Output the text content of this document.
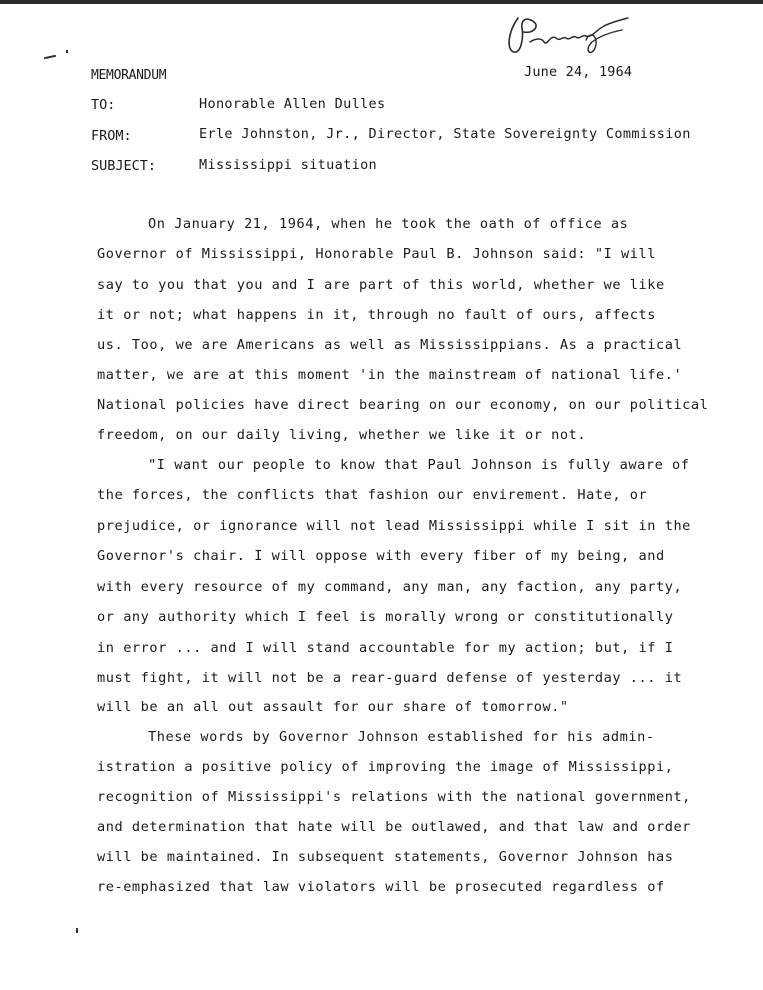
MEMORANDUM	June 24, 1964
TO:	Honorable Allen Dulles
FROM:	Erle Johnston, Jr., Director, State Sovereignty Commission
SUBJECT:	Mississippi situation
On January 21, 1964, when he took the oath of office as
Governor of Mississippi, Honorable Paul B. Johnson said: "I will
say to you that you and I are part of this world, whether we like
it or not; what happens in it, through no fault of ours, affects
us. Too, we are Americans as well as Mississippians. As a practical
matter, we are at this moment 'in the mainstream of national life.'
National policies have direct bearing on our economy, on our political
freedom, on our daily living, whether we like it or not.
"I want our people to know that Paul Johnson is fully aware of
the forces, the conflicts that fashion our envirement. Hate, or
prejudice, or ignorance will not lead Mississippi while I sit in the
Governor's chair. I will oppose with every fiber of my being, and
with every resource of my command, any man, any faction, any party,
or any authority which I feel is morally wrong or constitutionally
in error ... and I will stand accountable for my action; but, if I
must fight, it will not be a rear-guard defense of yesterday ... it
will be an all out assault for our share of tomorrow."
These words by Governor Johnson established for his admin-
istration a positive policy of improving the image of Mississippi,
recognition of Mississippi's relations with the national government,
and determination that hate will be outlawed, and that law and order
will be maintained. In subsequent statements, Governor Johnson has
re-emphasized that law violators will be prosecuted regardless of
